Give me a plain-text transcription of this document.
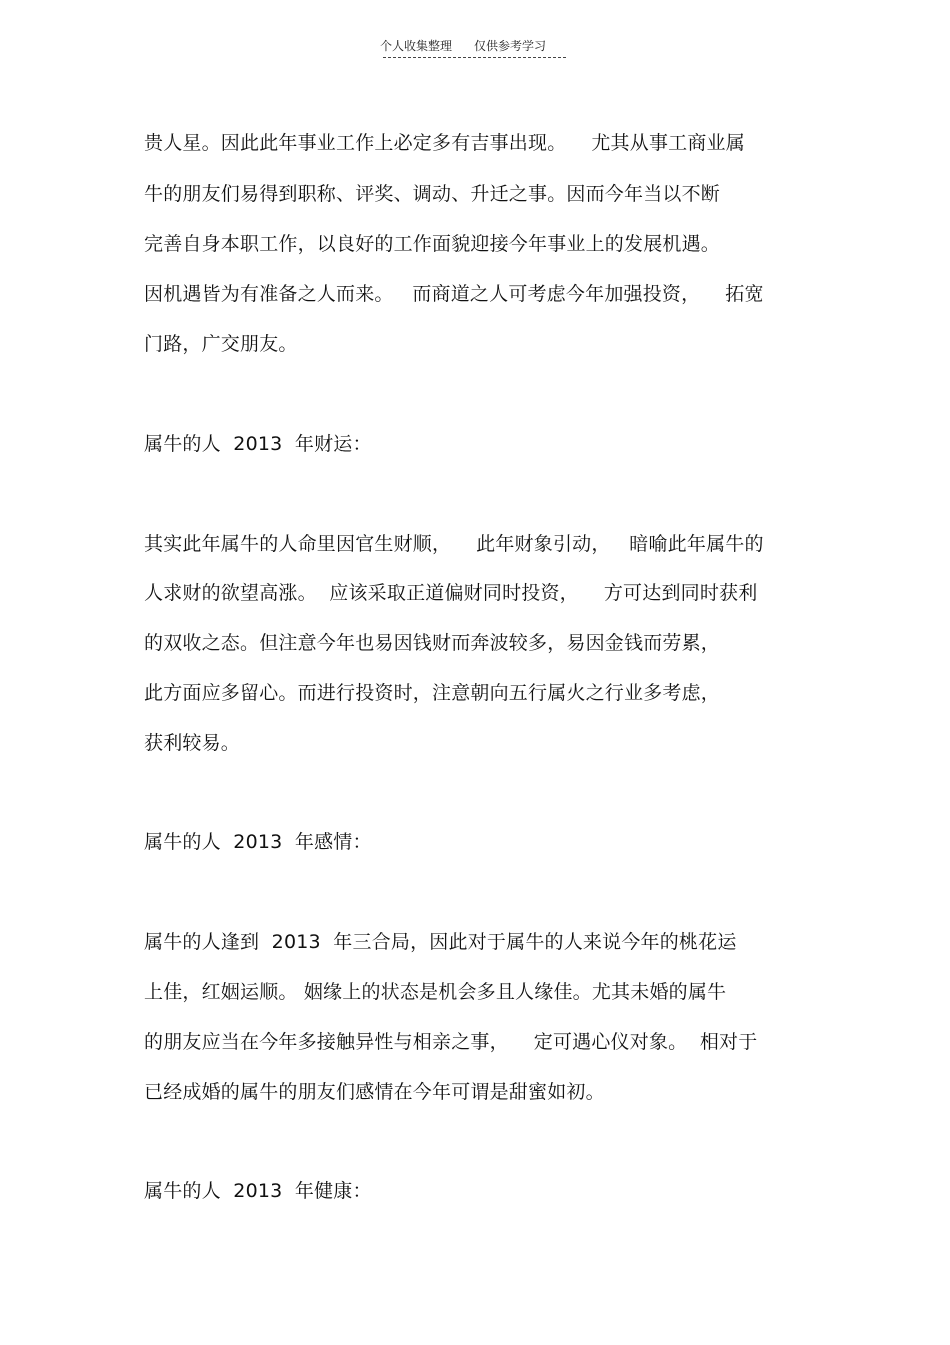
个人收集整理 仅供参考学习
贵人星。因此此年事业工作上必定多有吉事出现。    尤其从事工商业属
牛的朋友们易得到职称、评奖、调动、升迁之事。因而今年当以不断
完善自身本职工作，以良好的工作面貌迎接今年事业上的发展机遇。
因机遇皆为有准备之人而来。   而商道之人可考虑今年加强投资，    拓宽
门路，广交朋友。
属牛的人  2013  年财运：
其实此年属牛的人命里因官生财顺，    此年财象引动，   暗喻此年属牛的
人求财的欲望高涨。  应该采取正道偏财同时投资，    方可达到同时获利
的双收之态。但注意今年也易因钱财而奔波较多，易因金钱而劳累，
此方面应多留心。而进行投资时，注意朝向五行属火之行业多考虑，
获利较易。
属牛的人  2013  年感情：
属牛的人逢到  2013  年三合局，因此对于属牛的人来说今年的桃花运
上佳，红姻运顺。 姻缘上的状态是机会多且人缘佳。尤其未婚的属牛
的朋友应当在今年多接触异性与相亲之事，    定可遇心仪对象。  相对于
已经成婚的属牛的朋友们感情在今年可谓是甜蜜如初。
属牛的人  2013  年健康：
